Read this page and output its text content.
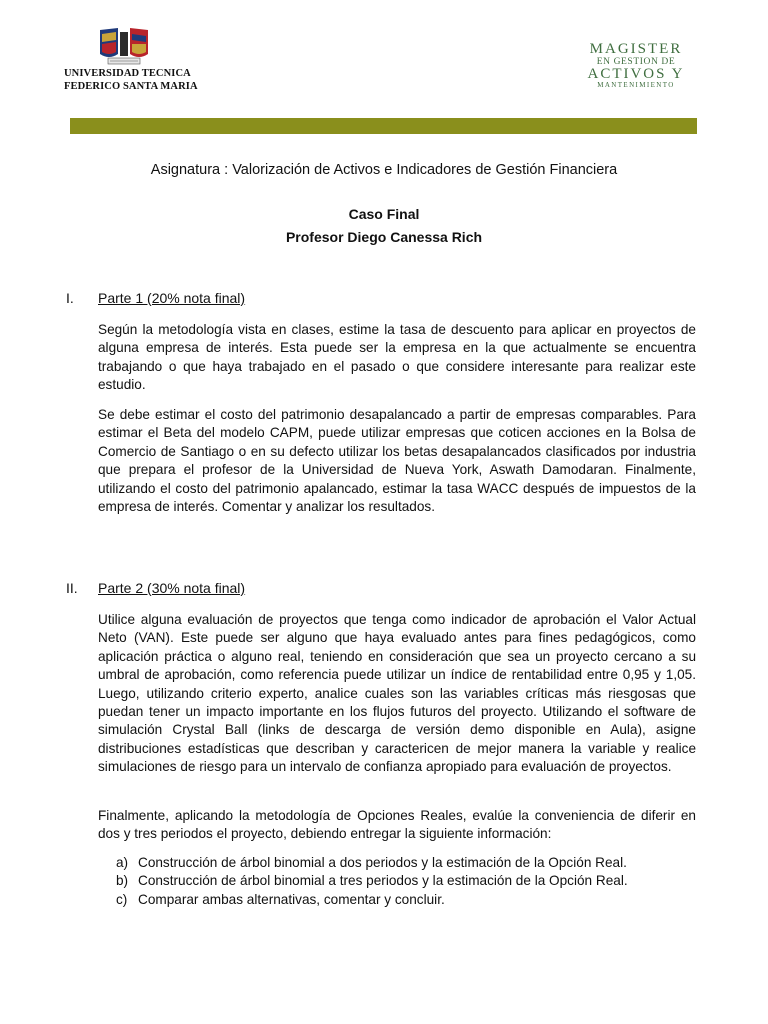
UNIVERSIDAD TECNICA
FEDERICO SANTA MARIA
MAGISTER
EN GESTION DE
ACTIVOS Y
MANTENIMIENTO
Asignatura : Valorización de Activos e Indicadores de Gestión Financiera
Caso Final
Profesor Diego Canessa Rich
I. Parte 1 (20% nota final)

Según la metodología vista en clases, estime la tasa de descuento para aplicar en proyectos de alguna empresa de interés. Esta puede ser la empresa en la que actualmente se encuentra trabajando o que haya trabajado en el pasado o que considere interesante para realizar este estudio.

Se debe estimar el costo del patrimonio desapalancado a partir de empresas comparables. Para estimar el Beta del modelo CAPM, puede utilizar empresas que coticen acciones en la Bolsa de Comercio de Santiago o en su defecto utilizar los betas desapalancados clasificados por industria que prepara el profesor de la Universidad de Nueva York, Aswath Damodaran. Finalmente, utilizando el costo del patrimonio apalancado, estimar la tasa WACC después de impuestos de la empresa de interés. Comentar y analizar los resultados.

II. Parte 2 (30% nota final)

Utilice alguna evaluación de proyectos que tenga como indicador de aprobación el Valor Actual Neto (VAN). Este puede ser alguno que haya evaluado antes para fines pedagógicos, como aplicación práctica o alguno real, teniendo en consideración que sea un proyecto cercano a su umbral de aprobación, como referencia puede utilizar un índice de rentabilidad entre 0,95 y 1,05. Luego, utilizando criterio experto, analice cuales son las variables críticas más riesgosas que puedan tener un impacto importante en los flujos futuros del proyecto. Utilizando el software de simulación Crystal Ball (links de descarga de versión demo disponible en Aula), asigne distribuciones estadísticas que describan y caractericen de mejor manera la variable y realice simulaciones de riesgo para un intervalo de confianza apropiado para evaluación de proyectos.

Finalmente, aplicando la metodología de Opciones Reales, evalúe la conveniencia de diferir en dos y tres periodos el proyecto, debiendo entregar la siguiente información:

a) Construcción de árbol binomial a dos periodos y la estimación de la Opción Real.
b) Construcción de árbol binomial a tres periodos y la estimación de la Opción Real.
c) Comparar ambas alternativas, comentar y concluir.
